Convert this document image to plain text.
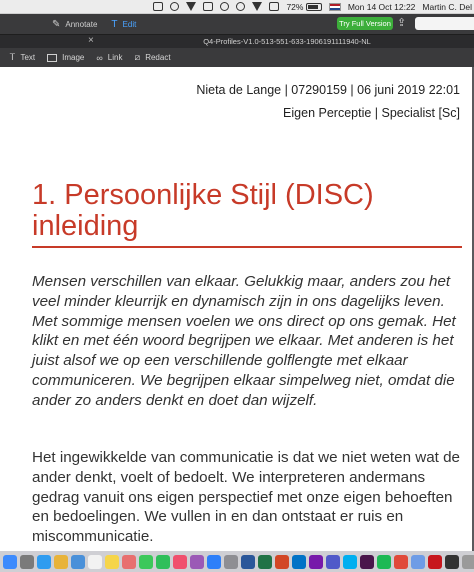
72%
	Mon 14 Oct 12:22 Martin C. Del
✎ Annotate T Edit	Try Full Version ⇪
×	Q4-Profiles-V1.0-513-551-633-1906191111940-NL
Ꭲ Text	Image ∞ Link ⧄ Redact
Nieta de Lange | 07290159 | 06 juni 2019 22:01
Eigen Perceptie | Specialist [Sc]
1. Persoonlijke Stijl (DISC) inleiding

Mensen verschillen van elkaar. Gelukkig maar, anders zou het veel minder kleurrijk en dynamisch zijn in ons dagelijks leven. Met sommige mensen voelen we ons direct op ons gemak. Het klikt en met één woord begrijpen we elkaar. Met anderen is het juist alsof we op een verschillende golflengte met elkaar communiceren. We begrijpen elkaar simpelweg niet, omdat die ander zo anders denkt en doet dan wijzelf.

Het ingewikkelde van communicatie is dat we niet weten wat de ander denkt, voelt of bedoelt. We interpreteren andermans gedrag vanuit ons eigen perspectief met onze eigen behoeften en bedoelingen. We vullen in en dan ontstaat er ruis en miscommunicatie.
